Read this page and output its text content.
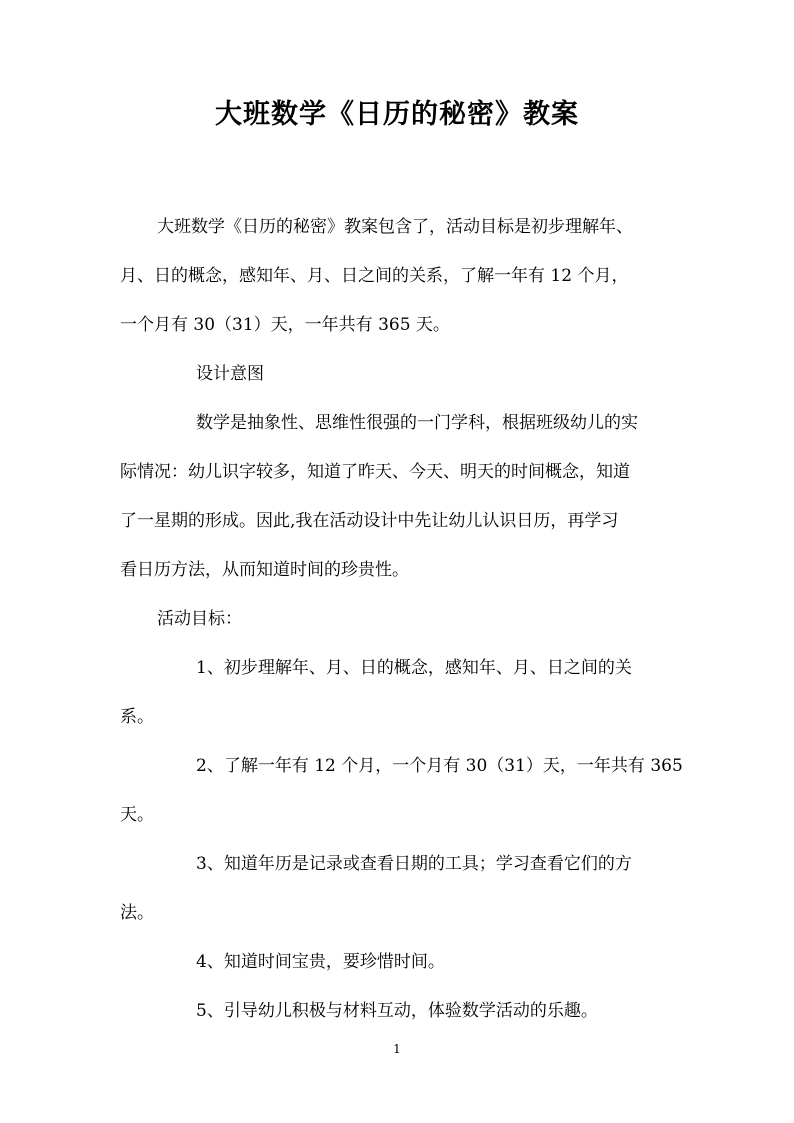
大班数学《日历的秘密》教案

大班数学《日历的秘密》教案包含了，活动目标是初步理解年、

月、日的概念，感知年、月、日之间的关系，了解一年有 12 个月，

一个月有 30（31）天，一年共有 365 天。

设计意图

数学是抽象性、思维性很强的一门学科，根据班级幼儿的实

际情况：幼儿识字较多，知道了昨天、今天、明天的时间概念，知道

了一星期的形成。因此,我在活动设计中先让幼儿认识日历，再学习

看日历方法，从而知道时间的珍贵性。

活动目标：

1、初步理解年、月、日的概念，感知年、月、日之间的关

系。

2、了解一年有 12 个月，一个月有 30（31）天，一年共有 365

天。

3、知道年历是记录或查看日期的工具；学习查看它们的方

法。

4、知道时间宝贵，要珍惜时间。

5、引导幼儿积极与材料互动，体验数学活动的乐趣。

1
